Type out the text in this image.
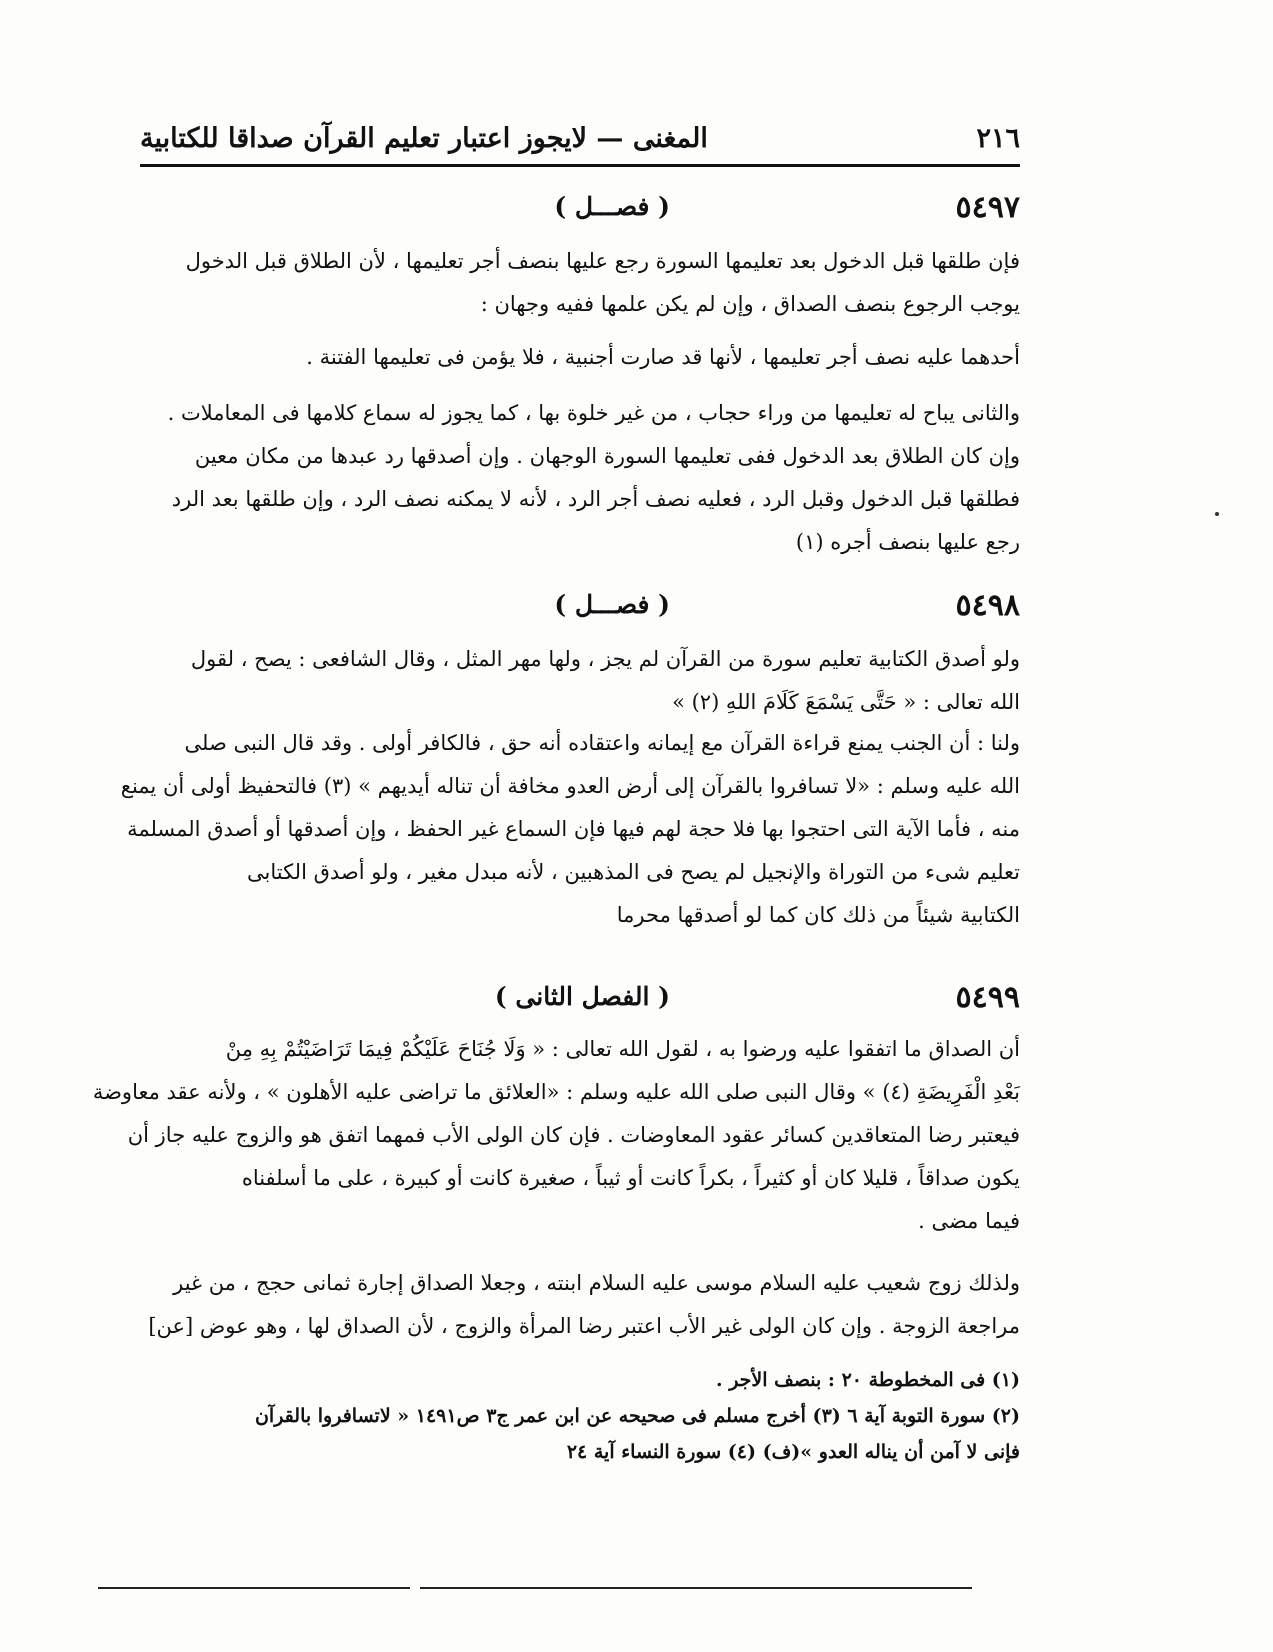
المغنى — لايجوز اعتبار تعليم القرآن صداقا للكتابية	٢١٦
٥٤٩٧
( فصـــل )
فإن طلقها قبل الدخول بعد تعليمها السورة رجع عليها بنصف أجر تعليمها ، لأن الطلاق قبل الدخول
يوجب الرجوع بنصف الصداق ، وإن لم يكن علمها ففيه وجهان :
أحدهما عليه نصف أجر تعليمها ، لأنها قد صارت أجنبية ، فلا يؤمن فى تعليمها الفتنة .
والثانى يباح له تعليمها من وراء حجاب ، من غير خلوة بها ، كما يجوز له سماع كلامها فى المعاملات .
وإن كان الطلاق بعد الدخول ففى تعليمها السورة الوجهان . وإن أصدقها رد عبدها من مكان معين
فطلقها قبل الدخول وقبل الرد ، فعليه نصف أجر الرد ، لأنه لا يمكنه نصف الرد ، وإن طلقها بعد الرد
رجع عليها بنصف أجره (١)
٥٤٩٨
( فصـــل )
ولو أصدق الكتابية تعليم سورة من القرآن لم يجز ، ولها مهر المثل ، وقال الشافعى : يصح ، لقول
الله تعالى : « حَتَّى يَسْمَعَ كَلَامَ اللهِ (٢) »
ولنا : أن الجنب يمنع قراءة القرآن مع إيمانه واعتقاده أنه حق ، فالكافر أولى . وقد قال النبى صلى
الله عليه وسلم : «لا تسافروا بالقرآن إلى أرض العدو مخافة أن تناله أيديهم » (٣) فالتحفيظ أولى أن يمنع
منه ، فأما الآية التى احتجوا بها فلا حجة لهم فيها فإن السماع غير الحفظ ، وإن أصدقها أو أصدق المسلمة
تعليم شىء من التوراة والإنجيل لم يصح فى المذهبين ، لأنه مبدل مغير ، ولو أصدق الكتابى
الكتابية شيئاً من ذلك كان كما لو أصدقها محرما
٥٤٩٩
( الفصل الثانى )
أن الصداق ما اتفقوا عليه ورضوا به ، لقول الله تعالى : « وَلَا جُنَاحَ عَلَيْكُمْ فِيمَا تَرَاضَيْتُمْ بِهِ مِنْ
بَعْدِ الْفَرِيضَةِ (٤) » وقال النبى صلى الله عليه وسلم : «العلائق ما تراضى عليه الأهلون » ، ولأنه عقد معاوضة
فيعتبر رضا المتعاقدين كسائر عقود المعاوضات . فإن كان الولى الأب فمهما اتفق هو والزوج عليه جاز أن
يكون صداقاً ، قليلا كان أو كثيراً ، بكراً كانت أو ثيباً ، صغيرة كانت أو كبيرة ، على ما أسلفناه
فيما مضى .
ولذلك زوج شعيب عليه السلام موسى عليه السلام ابنته ، وجعلا الصداق إجارة ثمانى حجج ، من غير
مراجعة الزوجة . وإن كان الولى غير الأب اعتبر رضا المرأة والزوج ، لأن الصداق لها ، وهو عوض [عن]
(١) فى المخطوطة ٢٠ : بنصف الأجر .
(٢) سورة التوبة آية ٦ (٣) أخرج مسلم فى صحيحه عن ابن عمر ج٣ ص١٤٩١ « لاتسافروا بالقرآن
فإنى لا آمن أن يناله العدو »(ف) (٤) سورة النساء آية ٢٤
